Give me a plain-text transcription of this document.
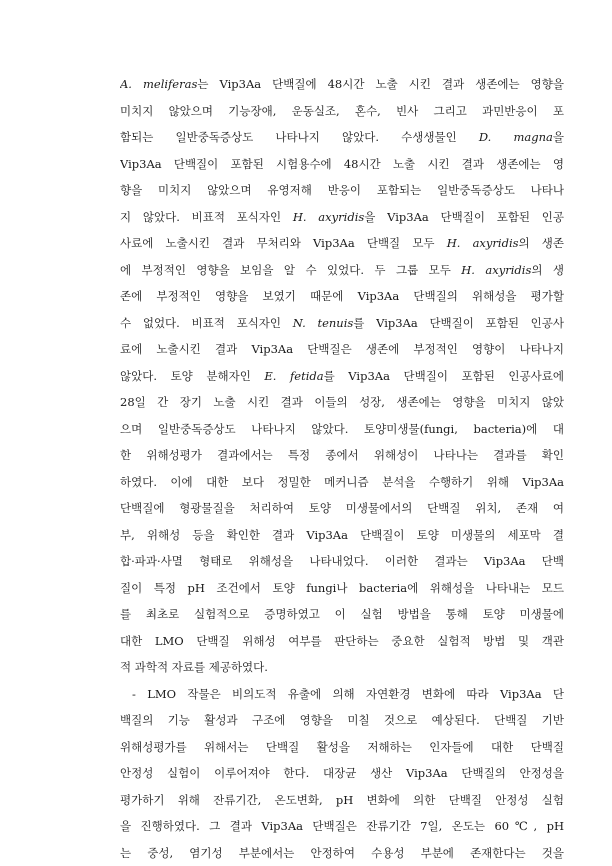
A. meliferas는 Vip3Aa 단백질에 48시간 노출 시킨 결과 생존에는 영향을
미치지 않았으며 기능장애, 운동실조, 혼수, 빈사 그리고 과민반응이 포
함되는 일반중독증상도 나타나지 않았다. 수생생물인 D. magna을
Vip3Aa 단백질이 포함된 시험용수에 48시간 노출 시킨 결과 생존에는 영
향을 미치지 않았으며 유영저해 반응이 포함되는 일반중독증상도 나타나
지 않았다. 비표적 포식자인 H. axyridis을 Vip3Aa 단백질이 포함된 인공
사료에 노출시킨 결과 무처리와 Vip3Aa 단백질 모두 H. axyridis의 생존
에 부정적인 영향을 보임을 알 수 있었다. 두 그룹 모두 H. axyridis의 생
존에 부정적인 영향을 보였기 때문에 Vip3Aa 단백질의 위해성을 평가할
수 없었다. 비표적 포식자인 N. tenuis를 Vip3Aa 단백질이 포함된 인공사
료에 노출시킨 결과 Vip3Aa 단백질은 생존에 부정적인 영향이 나타나지
않았다. 토양 분해자인 E. fetida를 Vip3Aa 단백질이 포함된 인공사료에
28일 간 장기 노출 시킨 결과 이들의 성장, 생존에는 영향을 미치지 않았
으며 일반중독증상도 나타나지 않았다. 토양미생물(fungi, bacteria)에 대
한 위해성평가 결과에서는 특정 종에서 위해성이 나타나는 결과를 확인
하였다. 이에 대한 보다 정밀한 메커니즘 분석을 수행하기 위해 Vip3Aa
단백질에 형광물질을 처리하여 토양 미생물에서의 단백질 위치, 존재 여
부, 위해성 등을 확인한 결과 Vip3Aa 단백질이 토양 미생물의 세포막 결
합·파과·사멸 형태로 위해성을 나타내었다. 이러한 결과는 Vip3Aa 단백
질이 특정 pH 조건에서 토양 fungi나 bacteria에 위해성을 나타내는 모드
를 최초로 실험적으로 증명하였고 이 실험 방법을 통해 토양 미생물에
대한 LMO 단백질 위해성 여부를 판단하는 중요한 실험적 방법 및 객관
적 과학적 자료를 제공하였다.
- LMO 작물은 비의도적 유출에 의해 자연환경 변화에 따라 Vip3Aa 단
백질의 기능 활성과 구조에 영향을 미칠 것으로 예상된다. 단백질 기반
위해성평가를 위해서는 단백질 활성을 저해하는 인자들에 대한 단백질
안정성 실험이 이루어져야 한다. 대장균 생산 Vip3Aa 단백질의 안정성을
평가하기 위해 잔류기간, 온도변화, pH 변화에 의한 단백질 안정성 실험
을 진행하였다. 그 결과 Vip3Aa 단백질은 잔류기간 7일, 온도는 60℃, pH
는 중성, 염기성 부분에서는 안정하여 수용성 부분에 존재한다는 것을
